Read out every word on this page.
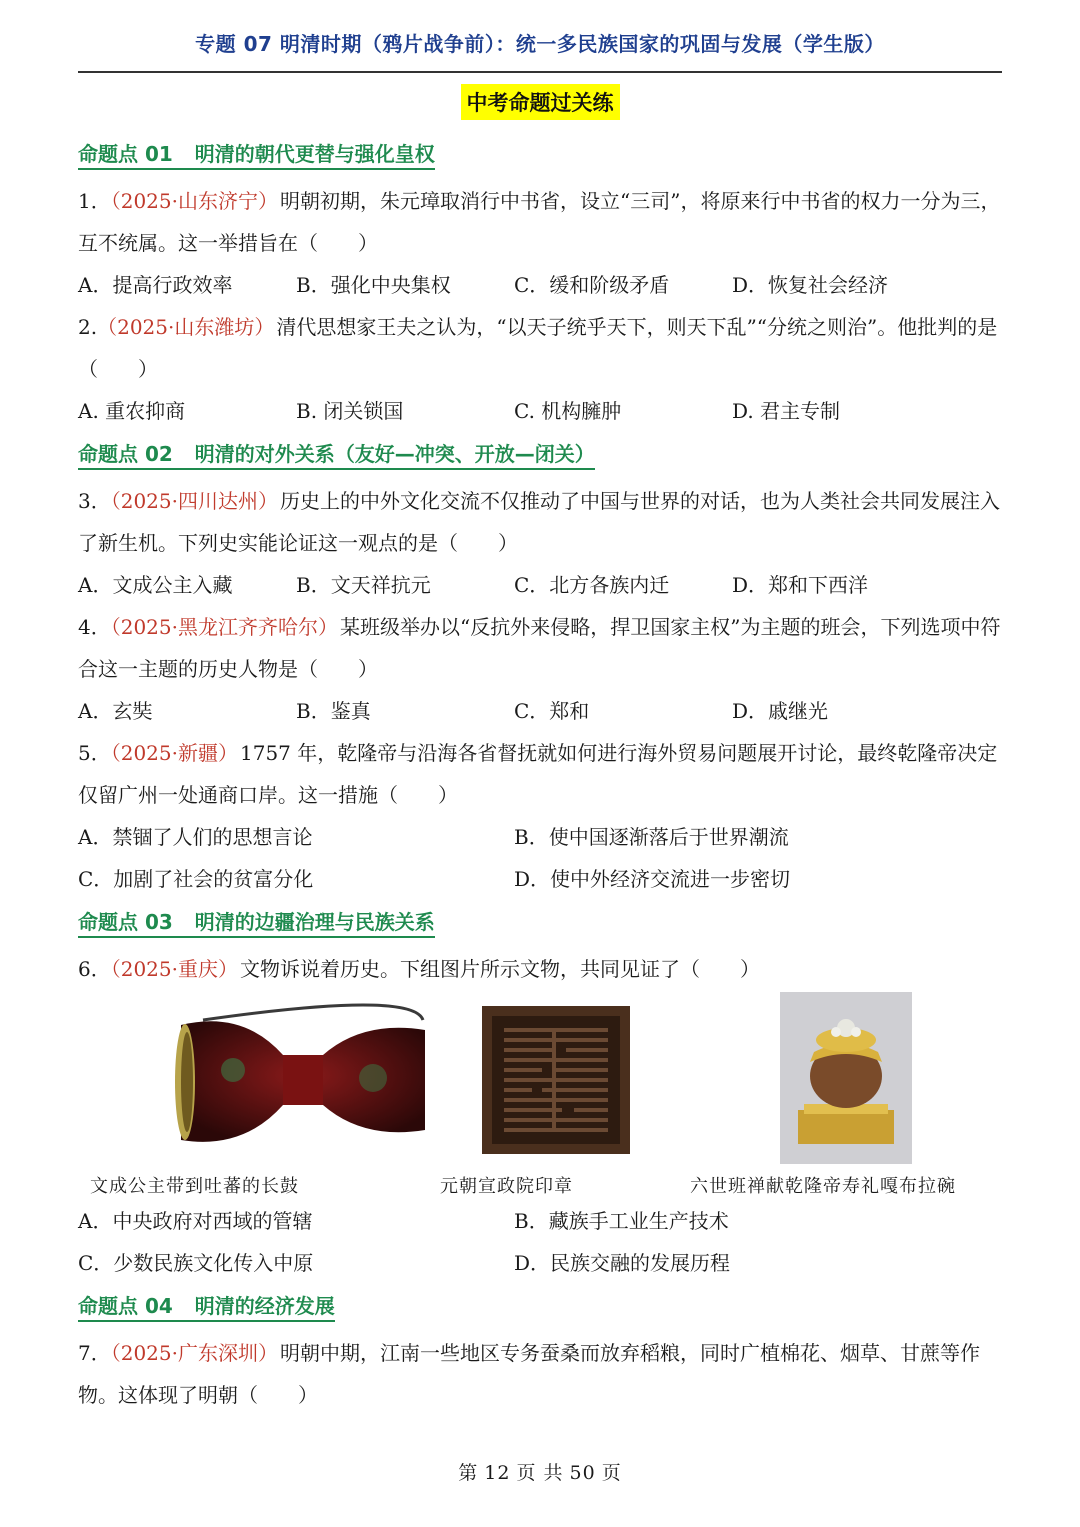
专题 07 明清时期（鸦片战争前）：统一多民族国家的巩固与发展（学生版）
中考命题过关练
命题点 01 明清的朝代更替与强化皇权
1．（2025·山东济宁） 明朝初期，朱元璋取消行中书省，设立“三司”，将原来行中书省的权力一分为三，互不统属。这一举措旨在（　　）
A．提高行政效率	B．强化中央集权	C．缓和阶级矛盾	D．恢复社会经济
2.（2025·山东潍坊） 清代思想家王夫之认为，“以天子统乎天下，则天下乱”“分统之则治”。他批判的是（　　）
A. 重农抑商	B. 闭关锁国	C. 机构臃肿	D. 君主专制
命题点 02 明清的对外关系（友好—冲突、开放—闭关）
3．（2025·四川达州） 历史上的中外文化交流不仅推动了中国与世界的对话，也为人类社会共同发展注入了新生机。下列史实能论证这一观点的是（　　）
A．文成公主入藏	B．文天祥抗元	C．北方各族内迁	D．郑和下西洋
4．（2025·黑龙江齐齐哈尔） 某班级举办以“反抗外来侵略，捍卫国家主权”为主题的班会，下列选项中符合这一主题的历史人物是（　　）
A．玄奘	B．鉴真	C．郑和	D．戚继光
5．（2025·新疆） 1757 年，乾隆帝与沿海各省督抚就如何进行海外贸易问题展开讨论，最终乾隆帝决定仅留广州一处通商口岸。这一措施（　　）
A．禁锢了人们的思想言论	B．使中国逐渐落后于世界潮流
C．加剧了社会的贫富分化	D．使中外经济交流进一步密切
命题点 03 明清的边疆治理与民族关系
6．（2025·重庆） 文物诉说着历史。下组图片所示文物，共同见证了（　　）
文成公主带到吐蕃的长鼓	元朝宣政院印章	六世班禅献乾隆帝寿礼嘎布拉碗
A．中央政府对西域的管辖	B．藏族手工业生产技术
C．少数民族文化传入中原	D．民族交融的发展历程
命题点 04 明清的经济发展
7．（2025·广东深圳） 明朝中期，江南一些地区专务蚕桑而放弃稻粮，同时广植棉花、烟草、甘蔗等作物。这体现了明朝（　　）
第 12 页 共 50 页
